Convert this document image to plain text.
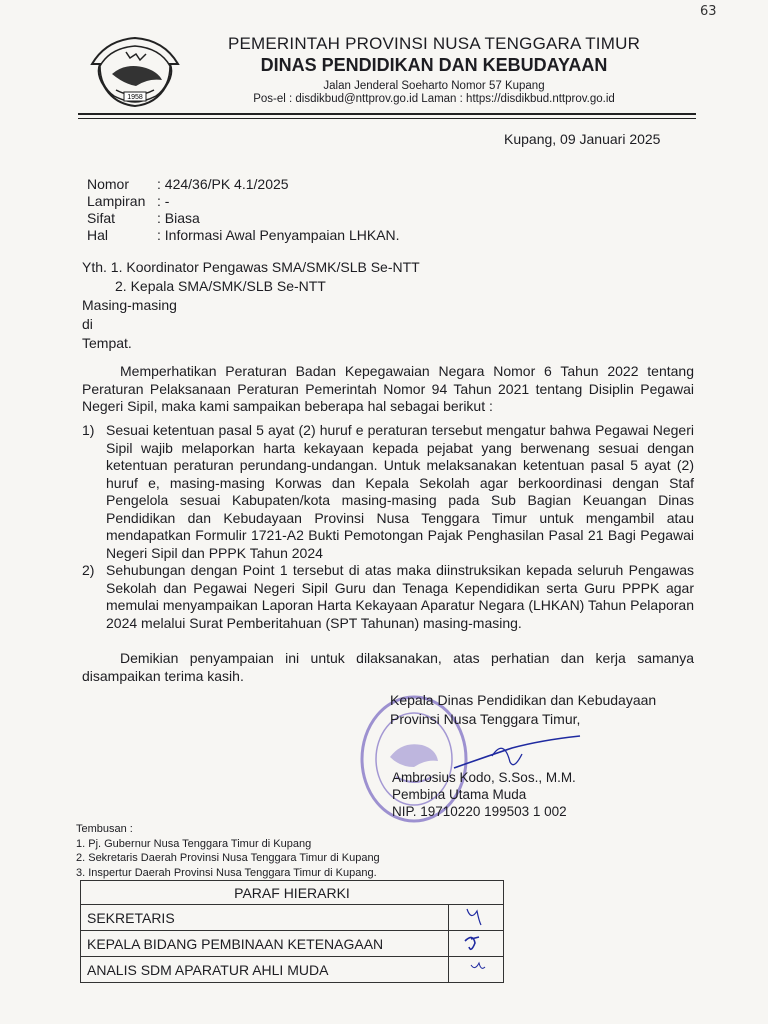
63
1958
PEMERINTAH PROVINSI NUSA TENGGARA TIMUR
DINAS PENDIDIKAN DAN KEBUDAYAAN
Jalan Jenderal Soeharto Nomor 57 Kupang
Pos-el : disdikbud@nttprov.go.id Laman : https://disdikbud.nttprov.go.id
Kupang, 09 Januari 2025
Nomor	: 424/36/PK 4.1/2025
Lampiran	: -
Sifat	: Biasa
Hal	: Informasi Awal Penyampaian LHKAN.
Yth. 1. Koordinator Pengawas SMA/SMK/SLB Se-NTT
2. Kepala SMA/SMK/SLB Se-NTT
Masing-masing
di
Tempat.
Memperhatikan Peraturan Badan Kepegawaian Negara Nomor 6 Tahun 2022 tentang Peraturan Pelaksanaan Peraturan Pemerintah Nomor 94 Tahun 2021 tentang Disiplin Pegawai Negeri Sipil, maka kami sampaikan beberapa hal sebagai berikut :
1) Sesuai ketentuan pasal 5 ayat (2) huruf e peraturan tersebut mengatur bahwa Pegawai Negeri Sipil wajib melaporkan harta kekayaan kepada pejabat yang berwenang sesuai dengan ketentuan peraturan perundang-undangan. Untuk melaksanakan ketentuan pasal 5 ayat (2) huruf e, masing-masing Korwas dan Kepala Sekolah agar berkoordinasi dengan Staf Pengelola sesuai Kabupaten/kota masing-masing pada Sub Bagian Keuangan Dinas Pendidikan dan Kebudayaan Provinsi Nusa Tenggara Timur untuk mengambil atau mendapatkan Formulir 1721-A2 Bukti Pemotongan Pajak Penghasilan Pasal 21 Bagi Pegawai Negeri Sipil dan PPPK Tahun 2024
2) Sehubungan dengan Point 1 tersebut di atas maka diinstruksikan kepada seluruh Pengawas Sekolah dan Pegawai Negeri Sipil Guru dan Tenaga Kependidikan serta Guru PPPK agar memulai menyampaikan Laporan Harta Kekayaan Aparatur Negara (LHKAN) Tahun Pelaporan 2024 melalui Surat Pemberitahuan (SPT Tahunan) masing-masing.
Demikian penyampaian ini untuk dilaksanakan, atas perhatian dan kerja samanya disampaikan terima kasih.
Kepala Dinas Pendidikan dan Kebudayaan
Provinsi Nusa Tenggara Timur,
Ambrosius Kodo, S.Sos., M.M.
Pembina Utama Muda
NIP. 19710220 199503 1 002
Tembusan :
1. Pj. Gubernur Nusa Tenggara Timur di Kupang
2. Sekretaris Daerah Provinsi Nusa Tenggara Timur di Kupang
3. Inspertur Daerah Provinsi Nusa Tenggara Timur di Kupang.
PARAF HIERARKI	
SEKRETARIS	
KEPALA BIDANG PEMBINAAN KETENAGAAN	
ANALIS SDM APARATUR AHLI MUDA	
